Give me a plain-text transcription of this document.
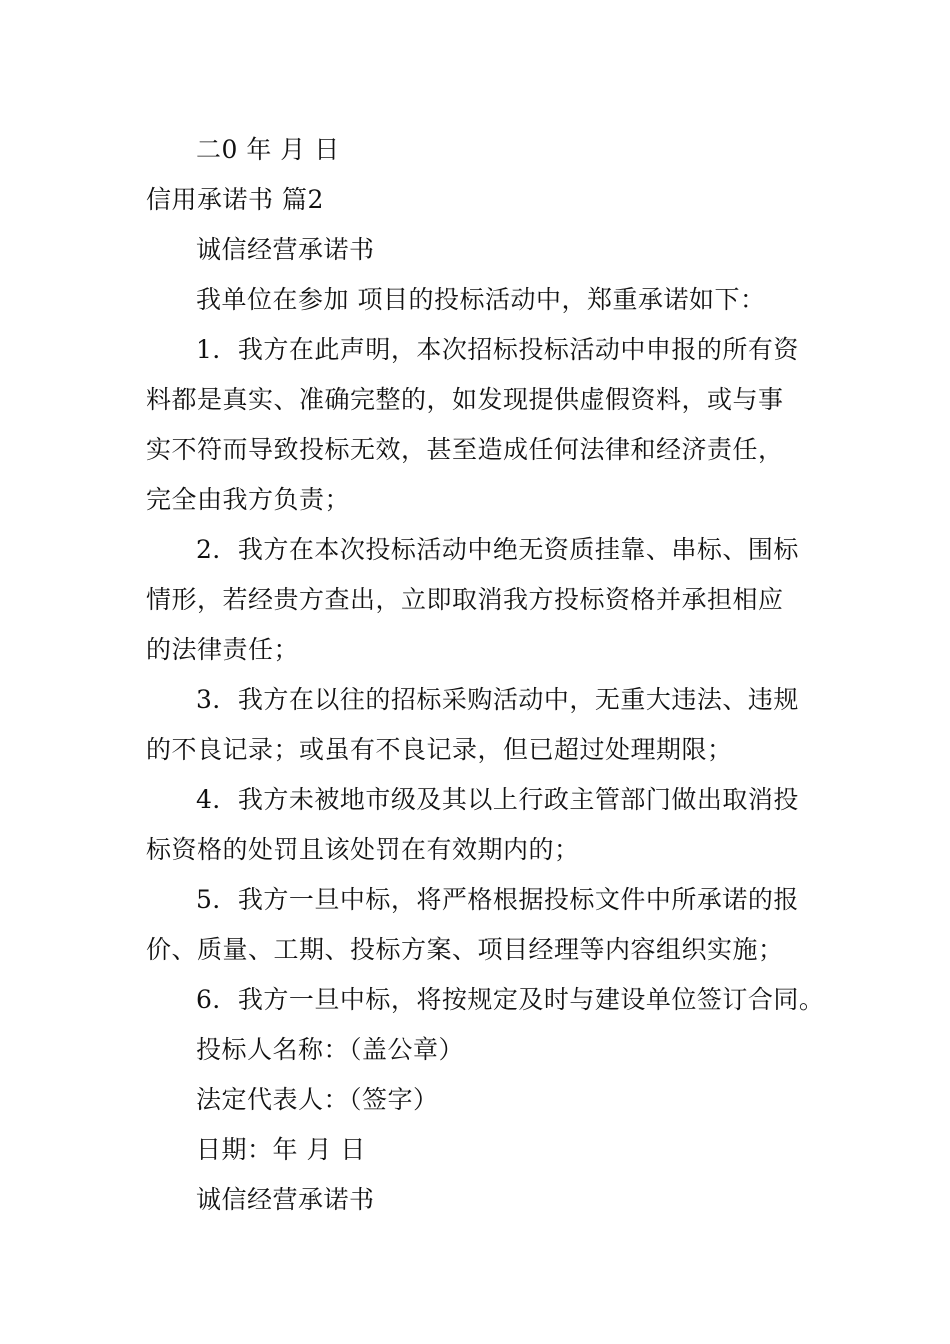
二0 年 月 日
信用承诺书 篇2
诚信经营承诺书
我单位在参加 项目的投标活动中，郑重承诺如下：
1．我方在此声明，本次招标投标活动中申报的所有资
料都是真实、准确完整的，如发现提供虚假资料，或与事
实不符而导致投标无效，甚至造成任何法律和经济责任，
完全由我方负责；
2．我方在本次投标活动中绝无资质挂靠、串标、围标
情形，若经贵方查出，立即取消我方投标资格并承担相应
的法律责任；
3．我方在以往的招标采购活动中，无重大违法、违规
的不良记录；或虽有不良记录，但已超过处理期限；
4．我方未被地市级及其以上行政主管部门做出取消投
标资格的处罚且该处罚在有效期内的；
5．我方一旦中标，将严格根据投标文件中所承诺的报
价、质量、工期、投标方案、项目经理等内容组织实施；
6．我方一旦中标，将按规定及时与建设单位签订合同。
投标人名称：（盖公章）
法定代表人：（签字）
日期：年 月 日
诚信经营承诺书
